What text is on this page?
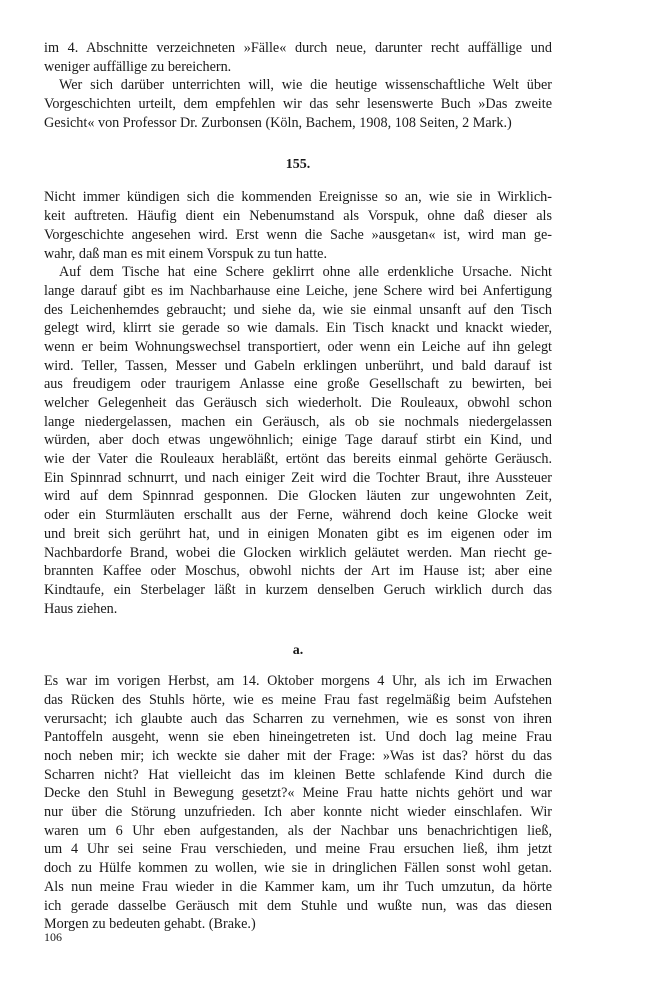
im 4. Abschnitte verzeichneten »Fälle« durch neue, darunter recht auffällige und
weniger auffällige zu bereichern.
Wer sich darüber unterrichten will, wie die heutige wissenschaftliche Welt über
Vorgeschichten urteilt, dem empfehlen wir das sehr lesenswerte Buch »Das zweite
Gesicht« von Professor Dr. Zurbonsen (Köln, Bachem, 1908, 108 Seiten, 2 Mark.)
155.
Nicht immer kündigen sich die kommenden Ereignisse so an, wie sie in Wirklich-
keit auftreten. Häufig dient ein Nebenumstand als Vorspuk, ohne daß dieser als
Vorgeschichte angesehen wird. Erst wenn die Sache »ausgetan« ist, wird man ge-
wahr, daß man es mit einem Vorspuk zu tun hatte.
Auf dem Tische hat eine Schere geklirrt ohne alle erdenkliche Ursache. Nicht
lange darauf gibt es im Nachbarhause eine Leiche, jene Schere wird bei Anfertigung
des Leichenhemdes gebraucht; und siehe da, wie sie einmal unsanft auf den Tisch
gelegt wird, klirrt sie gerade so wie damals. Ein Tisch knackt und knackt wieder,
wenn er beim Wohnungswechsel transportiert, oder wenn ein Leiche auf ihn gelegt
wird. Teller, Tassen, Messer und Gabeln erklingen unberührt, und bald darauf ist
aus freudigem oder traurigem Anlasse eine große Gesellschaft zu bewirten, bei
welcher Gelegenheit das Geräusch sich wiederholt. Die Rouleaux, obwohl schon
lange niedergelassen, machen ein Geräusch, als ob sie nochmals niedergelassen
würden, aber doch etwas ungewöhnlich; einige Tage darauf stirbt ein Kind, und
wie der Vater die Rouleaux herabläßt, ertönt das bereits einmal gehörte Geräusch.
Ein Spinnrad schnurrt, und nach einiger Zeit wird die Tochter Braut, ihre Aussteuer
wird auf dem Spinnrad gesponnen. Die Glocken läuten zur ungewohnten Zeit,
oder ein Sturmläuten erschallt aus der Ferne, während doch keine Glocke weit
und breit sich gerührt hat, und in einigen Monaten gibt es im eigenen oder im
Nachbardorfe Brand, wobei die Glocken wirklich geläutet werden. Man riecht ge-
brannten Kaffee oder Moschus, obwohl nichts der Art im Hause ist; aber eine
Kindtaufe, ein Sterbelager läßt in kurzem denselben Geruch wirklich durch das
Haus ziehen.
a.
Es war im vorigen Herbst, am 14. Oktober morgens 4 Uhr, als ich im Erwachen
das Rücken des Stuhls hörte, wie es meine Frau fast regelmäßig beim Aufstehen
verursacht; ich glaubte auch das Scharren zu vernehmen, wie es sonst von ihren
Pantoffeln ausgeht, wenn sie eben hineingetreten ist. Und doch lag meine Frau
noch neben mir; ich weckte sie daher mit der Frage: »Was ist das? hörst du das
Scharren nicht? Hat vielleicht das im kleinen Bette schlafende Kind durch die
Decke den Stuhl in Bewegung gesetzt?« Meine Frau hatte nichts gehört und war
nur über die Störung unzufrieden. Ich aber konnte nicht wieder einschlafen. Wir
waren um 6 Uhr eben aufgestanden, als der Nachbar uns benachrichtigen ließ,
um 4 Uhr sei seine Frau verschieden, und meine Frau ersuchen ließ, ihm jetzt
doch zu Hülfe kommen zu wollen, wie sie in dringlichen Fällen sonst wohl getan.
Als nun meine Frau wieder in die Kammer kam, um ihr Tuch umzutun, da hörte
ich gerade dasselbe Geräusch mit dem Stuhle und wußte nun, was das diesen
Morgen zu bedeuten gehabt. (Brake.)
106
